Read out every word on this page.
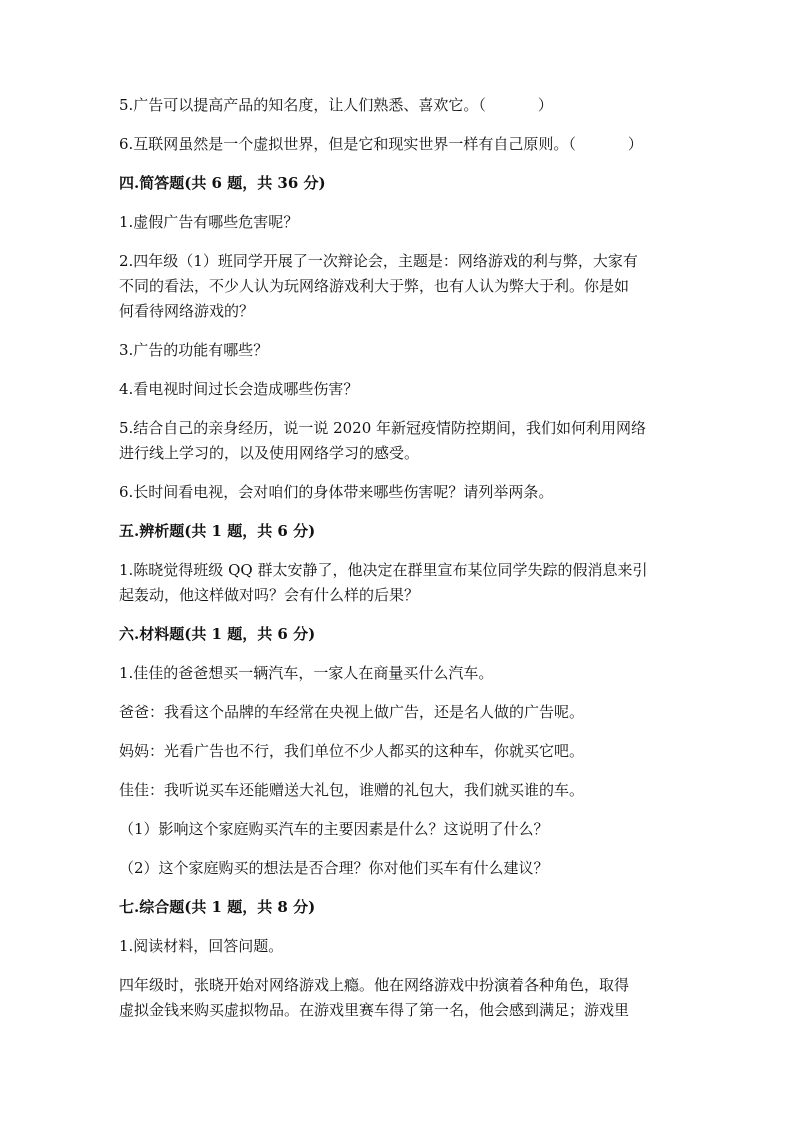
5.广告可以提高产品的知名度，让人们熟悉、喜欢它。（	）

6.互联网虽然是一个虚拟世界，但是它和现实世界一样有自己原则。（	）

四.简答题(共 6 题，共 36 分)

1.虚假广告有哪些危害呢？

2.四年级（1）班同学开展了一次辩论会，主题是：网络游戏的利与弊，大家有

不同的看法，不少人认为玩网络游戏利大于弊，也有人认为弊大于利。你是如

何看待网络游戏的？

3.广告的功能有哪些？

4.看电视时间过长会造成哪些伤害？

5.结合自己的亲身经历，说一说 2020 年新冠疫情防控期间，我们如何利用网络

进行线上学习的，以及使用网络学习的感受。

6.长时间看电视，会对咱们的身体带来哪些伤害呢？请列举两条。

五.辨析题(共 1 题，共 6 分)

1.陈晓觉得班级 QQ 群太安静了，他决定在群里宣布某位同学失踪的假消息来引

起轰动，他这样做对吗？会有什么样的后果？

六.材料题(共 1 题，共 6 分)

1.佳佳的爸爸想买一辆汽车，一家人在商量买什么汽车。

爸爸：我看这个品牌的车经常在央视上做广告，还是名人做的广告呢。

妈妈：光看广告也不行，我们单位不少人都买的这种车，你就买它吧。

佳佳：我听说买车还能赠送大礼包，谁赠的礼包大，我们就买谁的车。

（1）影响这个家庭购买汽车的主要因素是什么？这说明了什么？

（2）这个家庭购买的想法是否合理？你对他们买车有什么建议？

七.综合题(共 1 题，共 8 分)

1.阅读材料，回答问题。

四年级时，张晓开始对网络游戏上瘾。他在网络游戏中扮演着各种角色，取得

虚拟金钱来购买虚拟物品。在游戏里赛车得了第一名，他会感到满足；游戏里
